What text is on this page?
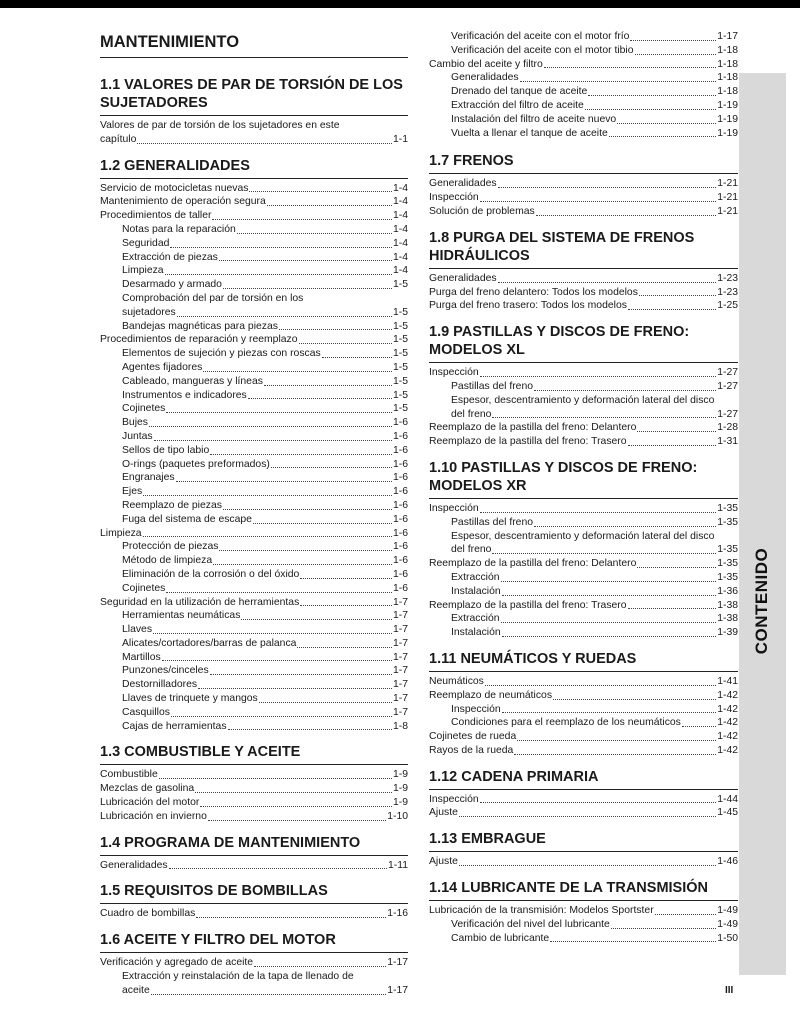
CONTENIDO
MANTENIMIENTO
1.1 VALORES DE PAR DE TORSIÓN DE LOS SUJETADORES
Valores de par de torsión de los sujetadores en este
capítulo	1-1
1.2 GENERALIDADES
Servicio de motocicletas nuevas	1-4
Mantenimiento de operación segura	1-4
Procedimientos de taller	1-4
Notas para la reparación	1-4
Seguridad	1-4
Extracción de piezas	1-4
Limpieza	1-4
Desarmado y armado	1-5
Comprobación del par de torsión en los
sujetadores	1-5
Bandejas magnéticas para piezas	1-5
Procedimientos de reparación y reemplazo	1-5
Elementos de sujeción y piezas con roscas	1-5
Agentes fijadores	1-5
Cableado, mangueras y líneas	1-5
Instrumentos e indicadores	1-5
Cojinetes	1-5
Bujes	1-6
Juntas	1-6
Sellos de tipo labio	1-6
O-rings (paquetes preformados)	1-6
Engranajes	1-6
Ejes	1-6
Reemplazo de piezas	1-6
Fuga del sistema de escape	1-6
Limpieza	1-6
Protección de piezas	1-6
Método de limpieza	1-6
Eliminación de la corrosión o del óxido	1-6
Cojinetes	1-6
Seguridad en la utilización de herramientas	1-7
Herramientas neumáticas	1-7
Llaves	1-7
Alicates/cortadores/barras de palanca	1-7
Martillos	1-7
Punzones/cinceles	1-7
Destornilladores	1-7
Llaves de trinquete y mangos	1-7
Casquillos	1-7
Cajas de herramientas	1-8
1.3 COMBUSTIBLE Y ACEITE
Combustible	1-9
Mezclas de gasolina	1-9
Lubricación del motor	1-9
Lubricación en invierno	1-10
1.4 PROGRAMA DE MANTENIMIENTO
Generalidades	1-11
1.5 REQUISITOS DE BOMBILLAS
Cuadro de bombillas	1-16
1.6 ACEITE Y FILTRO DEL MOTOR
Verificación y agregado de aceite	1-17
Extracción y reinstalación de la tapa de llenado de
aceite	1-17
Verificación del aceite con el motor frío	1-17
Verificación del aceite con el motor tibio	1-18
Cambio del aceite y filtro	1-18
Generalidades	1-18
Drenado del tanque de aceite	1-18
Extracción del filtro de aceite	1-19
Instalación del filtro de aceite nuevo	1-19
Vuelta a llenar el tanque de aceite	1-19
1.7 FRENOS
Generalidades	1-21
Inspección	1-21
Solución de problemas	1-21
1.8 PURGA DEL SISTEMA DE FRENOS HIDRÁULICOS
Generalidades	1-23
Purga del freno delantero: Todos los modelos	1-23
Purga del freno trasero: Todos los modelos	1-25
1.9 PASTILLAS Y DISCOS DE FRENO: MODELOS XL
Inspección	1-27
Pastillas del freno	1-27
Espesor, descentramiento y deformación lateral del disco
del freno	1-27
Reemplazo de la pastilla del freno: Delantero	1-28
Reemplazo de la pastilla del freno: Trasero	1-31
1.10 PASTILLAS Y DISCOS DE FRENO: MODELOS XR
Inspección	1-35
Pastillas del freno	1-35
Espesor, descentramiento y deformación lateral del disco
del freno	1-35
Reemplazo de la pastilla del freno: Delantero	1-35
Extracción	1-35
Instalación	1-36
Reemplazo de la pastilla del freno: Trasero	1-38
Extracción	1-38
Instalación	1-39
1.11 NEUMÁTICOS Y RUEDAS
Neumáticos	1-41
Reemplazo de neumáticos	1-42
Inspección	1-42
Condiciones para el reemplazo de los neumáticos	1-42
Cojinetes de rueda	1-42
Rayos de la rueda	1-42
1.12 CADENA PRIMARIA
Inspección	1-44
Ajuste	1-45
1.13 EMBRAGUE
Ajuste	1-46
1.14 LUBRICANTE DE LA TRANSMISIÓN
Lubricación de la transmisión: Modelos Sportster	1-49
Verificación del nivel del lubricante	1-49
Cambio de lubricante	1-50
III
